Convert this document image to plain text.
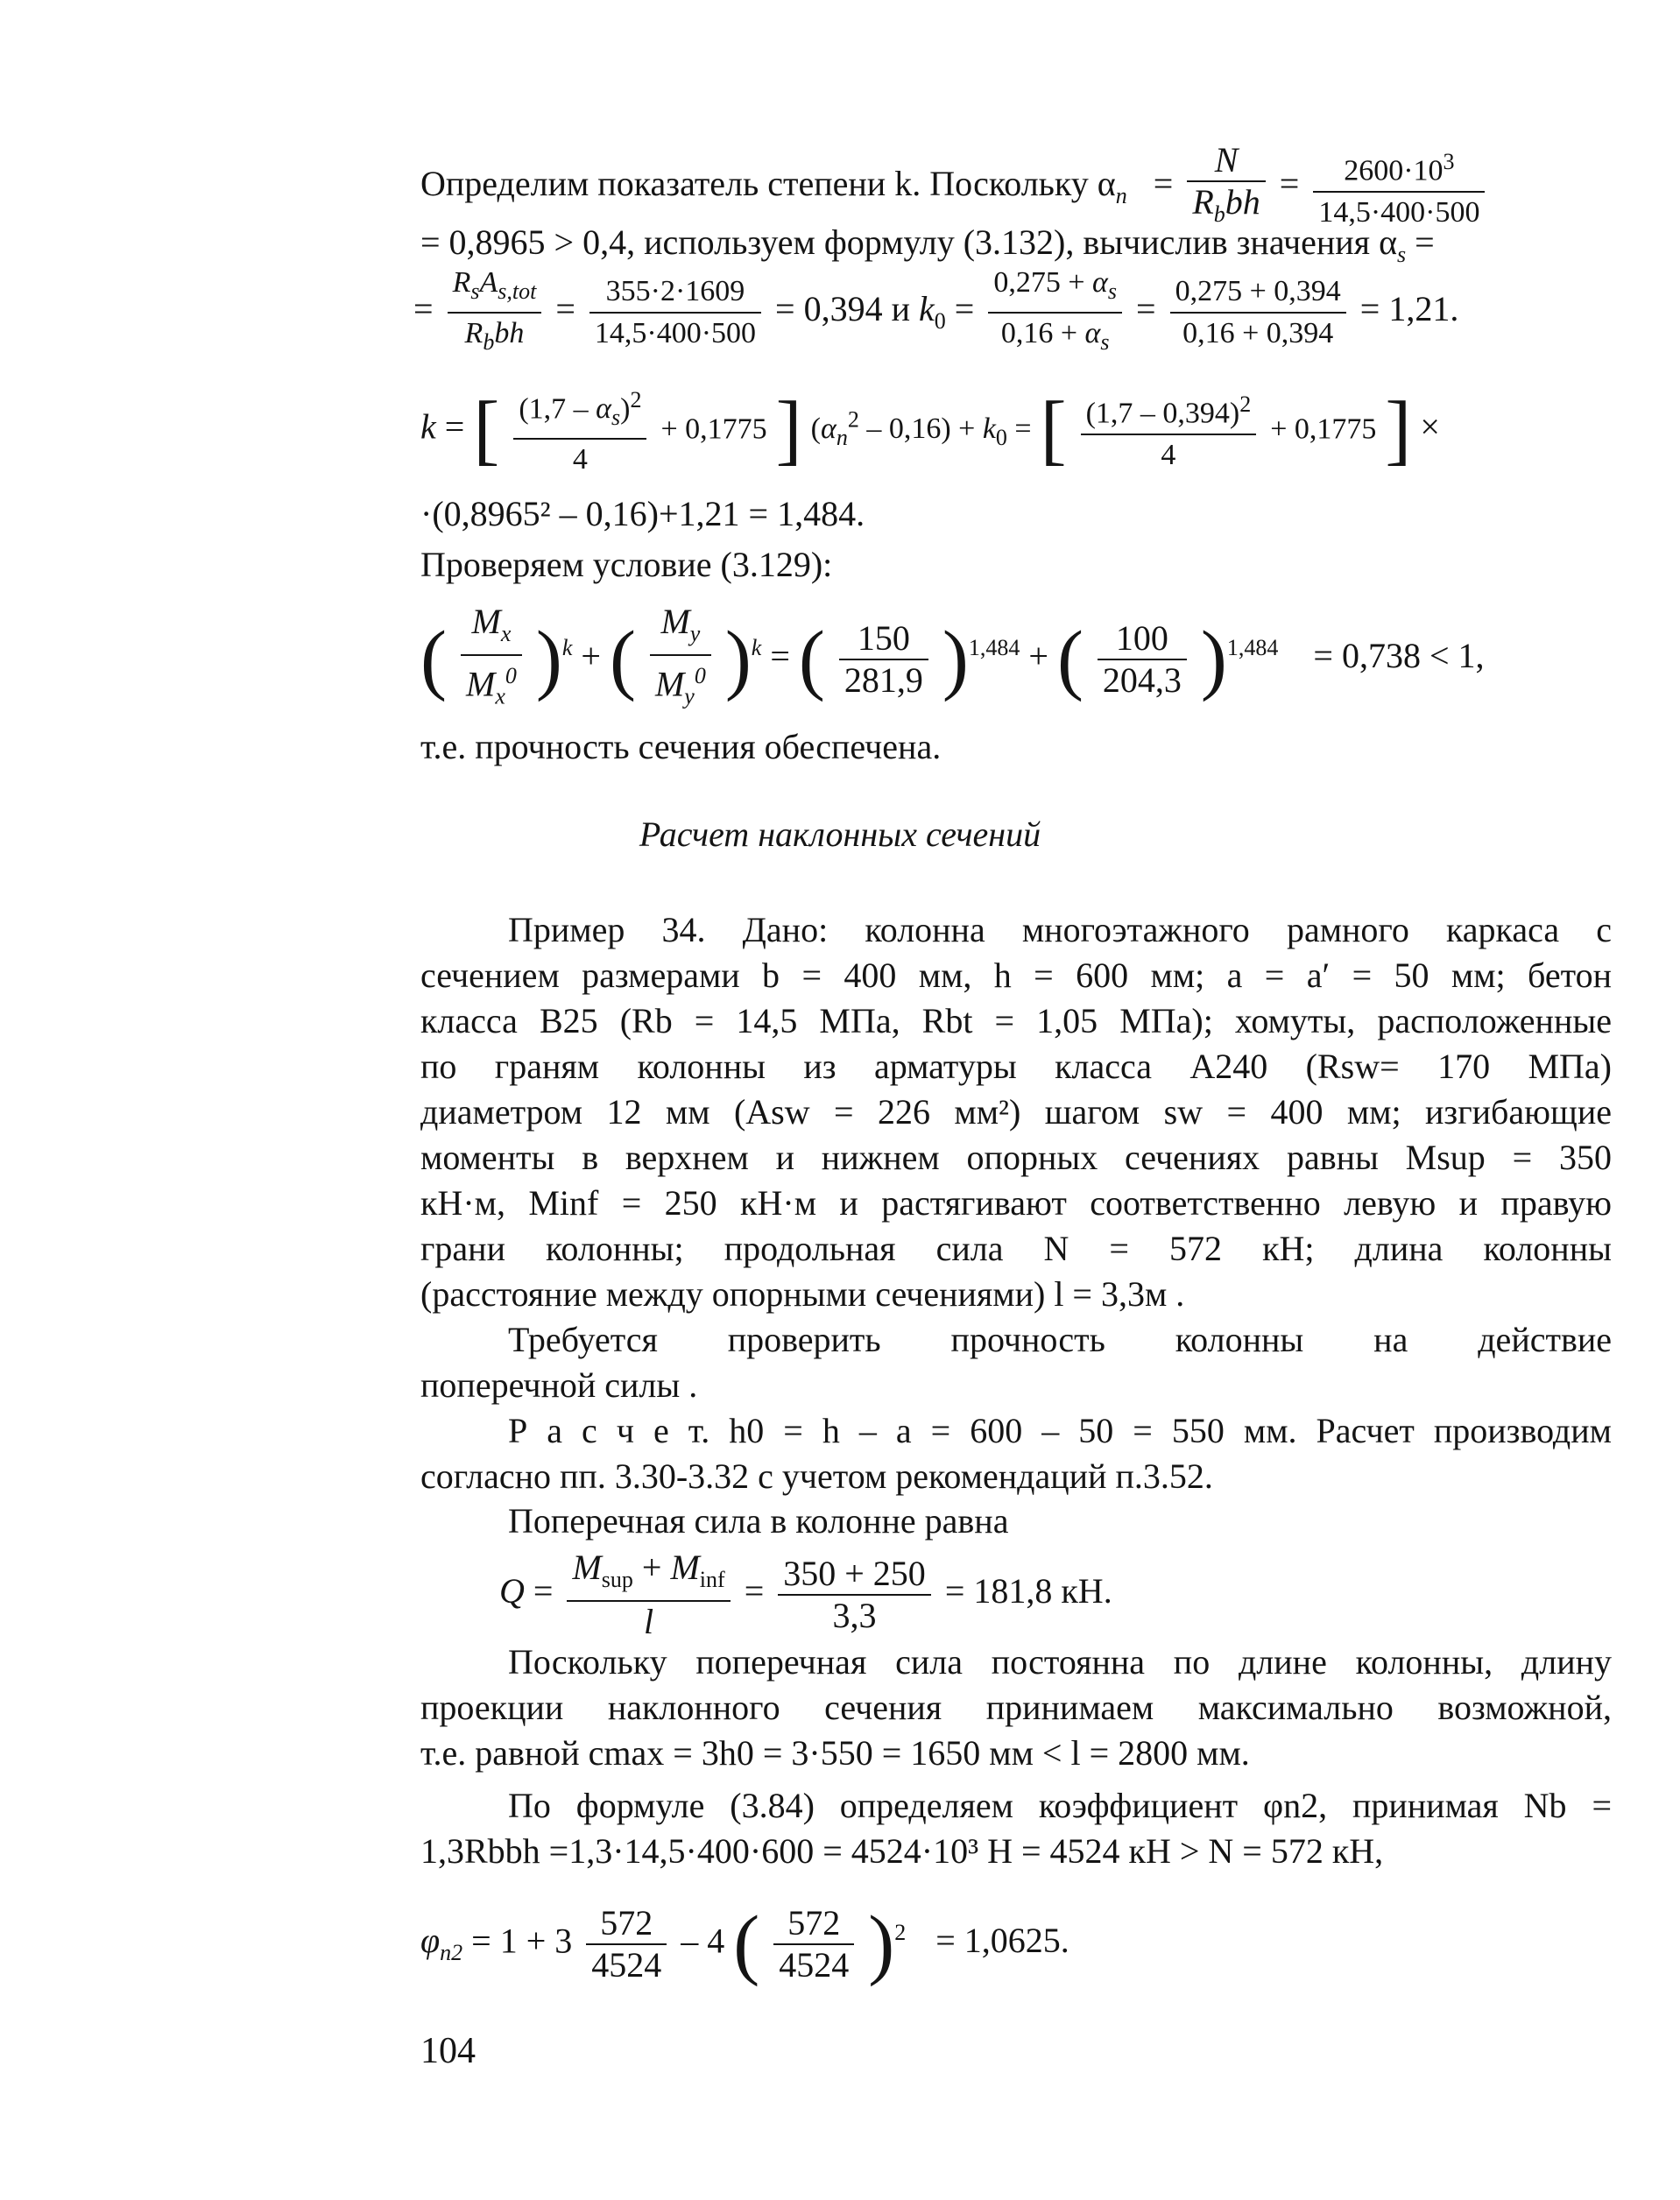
Определим показатель степени k. Поскольку $\alpha_n = \frac{N}{R_bbh} = \frac{2600\cdot 10^3}{14,5\cdot 400\cdot 500}$
= 0,8965 > 0,4, используем формулу (3.132), вычислив значения $\alpha_s$ =
= $\frac{R_sA_{s,tot}}{R_bbh} = \frac{355\cdot 2\cdot 1609}{14,5\cdot 400\cdot 500} = 0,394$ и $k_0 = \frac{0,275 + \alpha_s}{0,16 + \alpha_s} = \frac{0,275 + 0,394}{0,16 + 0,394} = 1,21$.
k = [ $\frac{(1,7 - \alpha_s)^2}{4} + 0,1775$ ] $(\alpha_n^2 - 0,16) + k_0$ = [ $\frac{(1,7 - 0,394)^2}{4} + 0,1775$ ] ×
·(0,8965² – 0,16)+1,21 = 1,484.
Проверяем условие (3.129):
( $\frac{M_x}{M_x^0} )^k$ + ( $\frac{M_y}{M_y^0} )^k$ = ( $\frac{150}{281,9} )^{1,484}$ + ( $\frac{100}{204,3} )^{1,484} = 0,738 < 1$,
т.е. прочность сечения обеспечена.
Расчет наклонных сечений
Пример 34. Дано: колонна многоэтажного рамного каркаса с
сечением размерами b = 400 мм, h = 600 мм; a = a′ = 50 мм; бетон
класса B25 (Rb = 14,5 МПа, Rbt = 1,05 МПа); хомуты, расположенные
по граням колонны из арматуры класса А240 (Rsw= 170 МПа)
диаметром 12 мм (Asw = 226 мм²) шагом sw = 400 мм; изгибающие
моменты в верхнем и нижнем опорных сечениях равны Msup = 350
кН·м, Minf = 250 кН·м и растягивают соответственно левую и правую
грани колонны; продольная сила N = 572 кН; длина колонны
(расстояние между опорными сечениями) l = 3,3м .
Требуется проверить прочность колонны на действие
поперечной силы .
Р а с ч е т. h0 = h – a = 600 – 50 = 550 мм. Расчет производим
согласно пп. 3.30-3.32 с учетом рекомендаций п.3.52.
Поперечная сила в колонне равна
$Q = \frac{M_{sup} + M_{inf}}{l} = \frac{350 + 250}{3,3} = 181,8$ кН.
Поскольку поперечная сила постоянна по длине колонны, длину
проекции наклонного сечения принимаем максимально возможной,
т.е. равной cmax = 3h0 = 3·550 = 1650 мм < l = 2800 мм.
По формуле (3.84) определяем коэффициент φn2, принимая Nb =
1,3Rbbh =1,3·14,5·400·600 = 4524·10³ Н = 4524 кН > N = 572 кН,
$\varphi_{n2} = 1 + 3 \frac{572}{4524} - 4$ ( $\frac{572}{4524} )^2 = 1,0625$.
104
